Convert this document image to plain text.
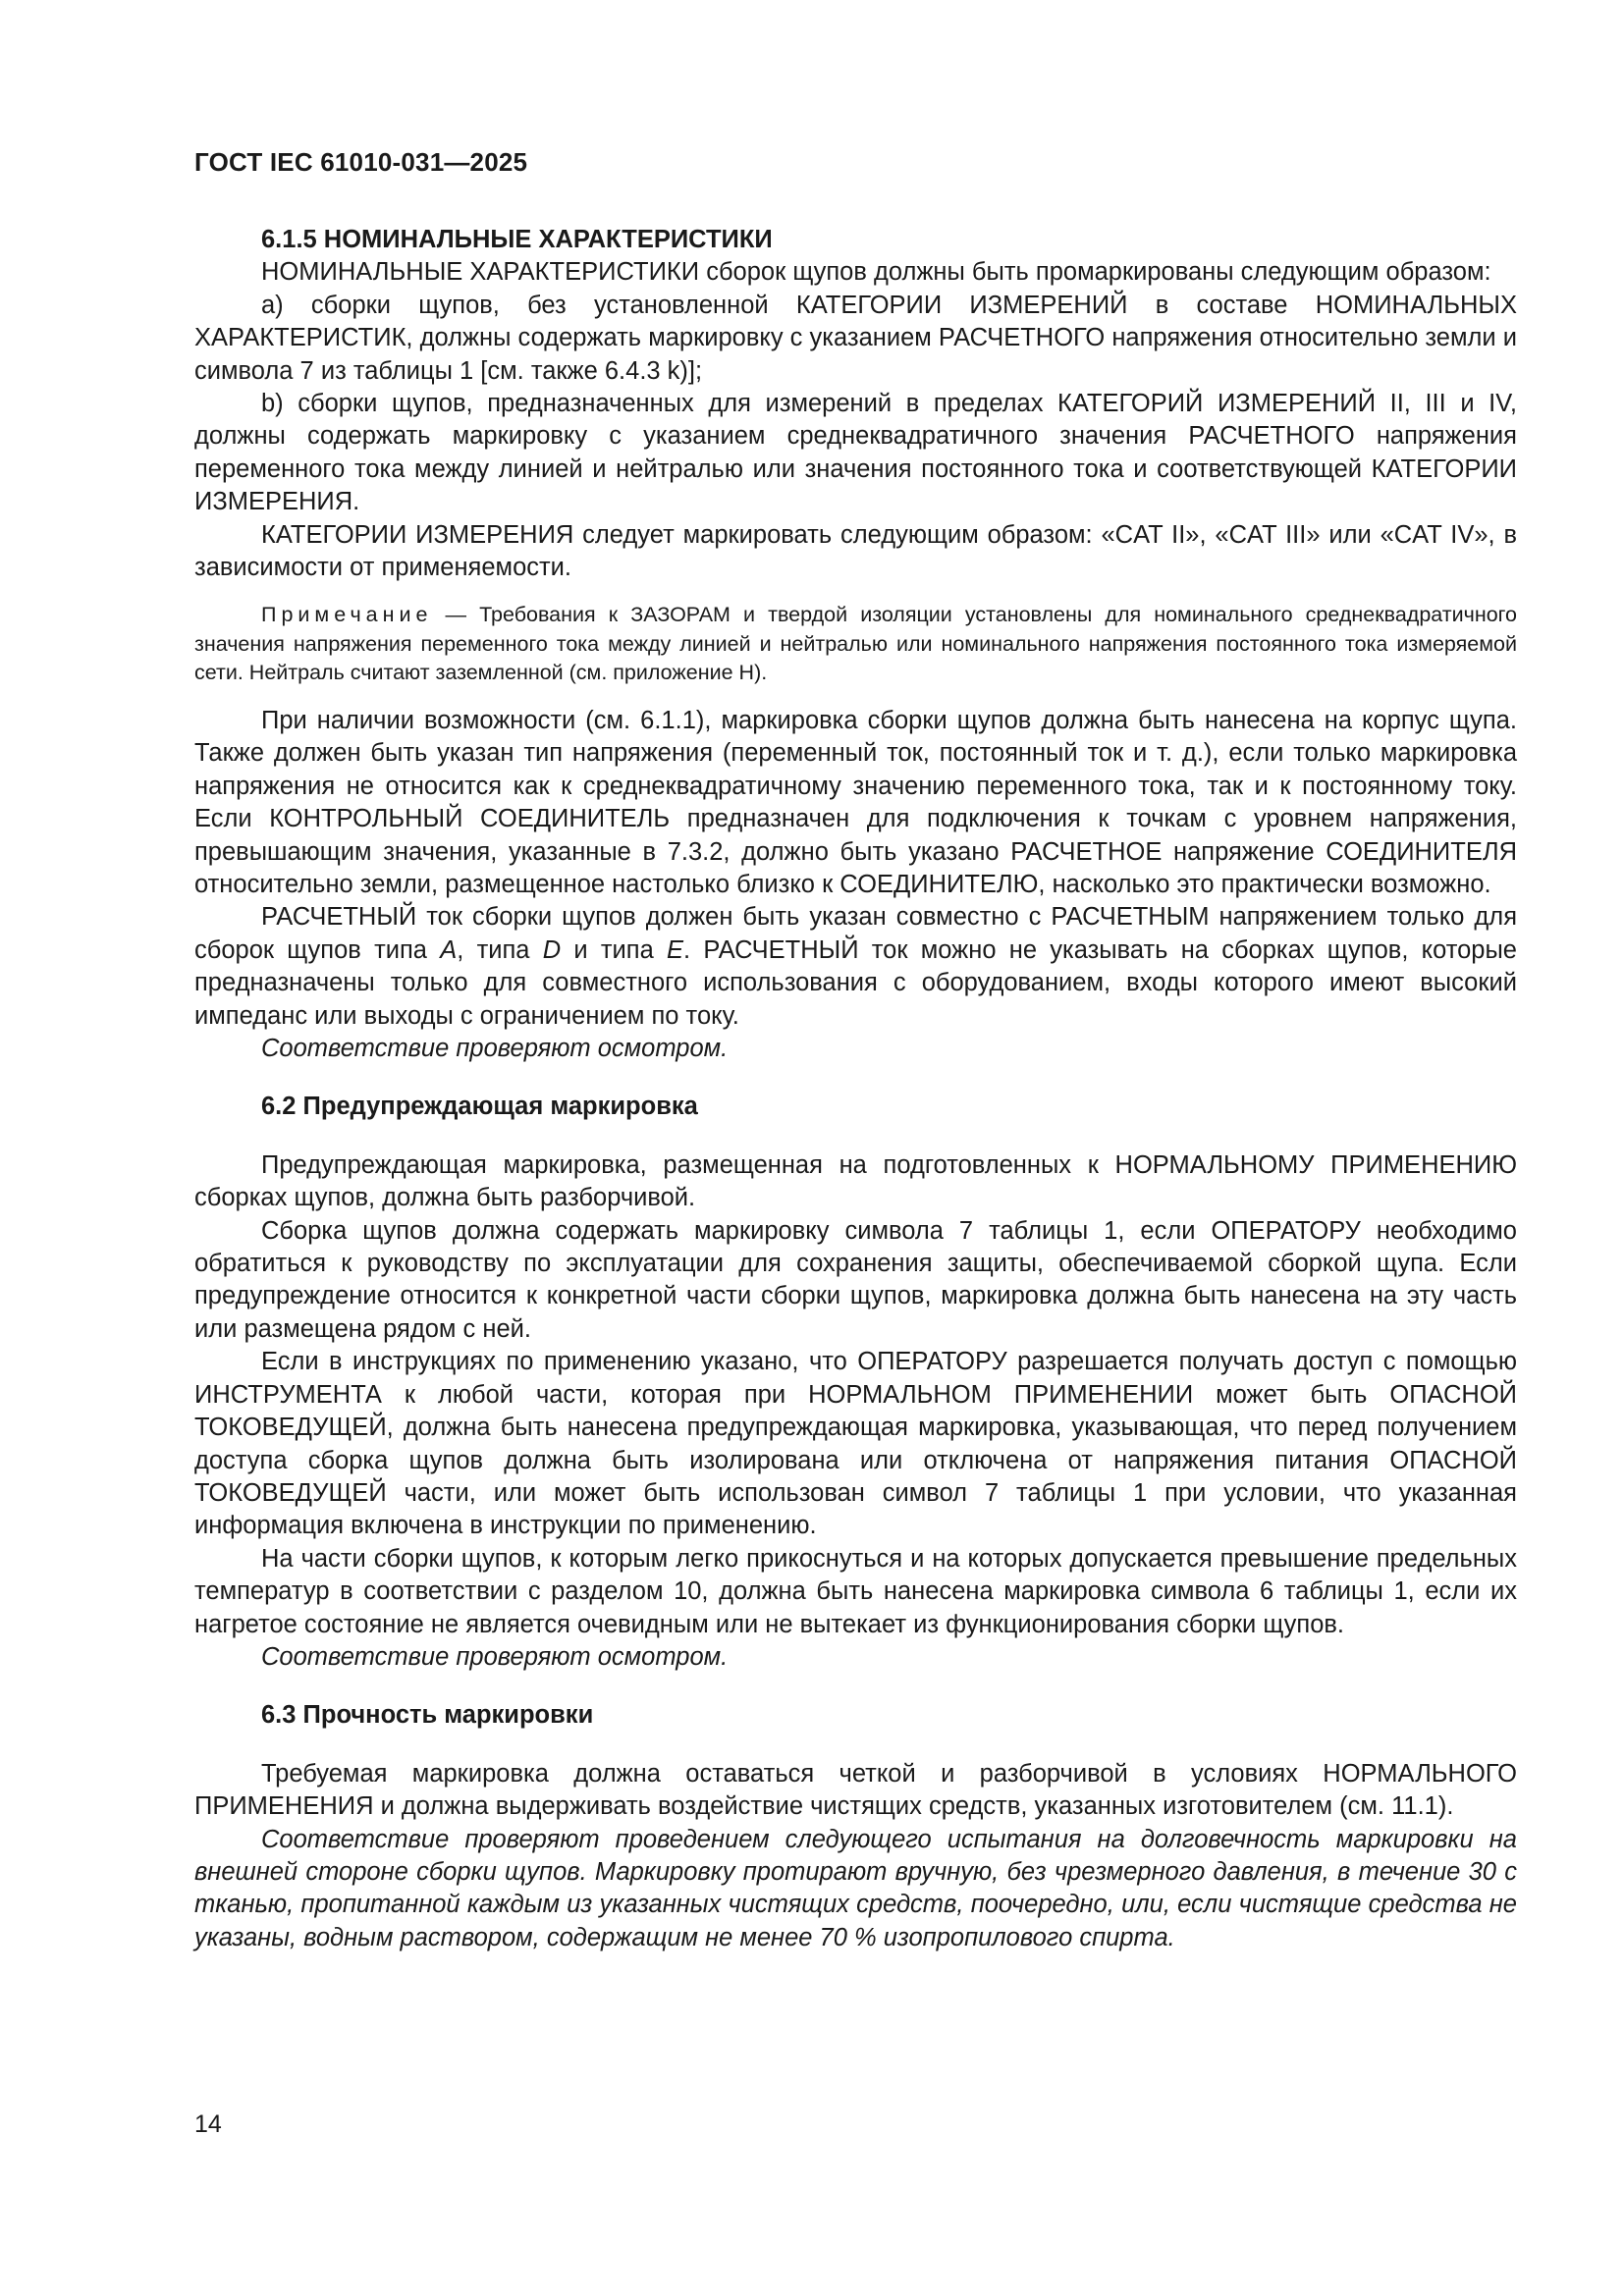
ГОСТ IEC 61010-031—2025

6.1.5 НОМИНАЛЬНЫЕ ХАРАКТЕРИСТИКИ

НОМИНАЛЬНЫЕ ХАРАКТЕРИСТИКИ сборок щупов должны быть промаркированы следующим образом:

a) сборки щупов, без установленной КАТЕГОРИИ ИЗМЕРЕНИЙ в составе НОМИНАЛЬНЫХ ХАРАКТЕРИСТИК, должны содержать маркировку с указанием РАСЧЕТНОГО напряжения относительно земли и символа 7 из таблицы 1 [см. также 6.4.3 k)];

b) сборки щупов, предназначенных для измерений в пределах КАТЕГОРИЙ ИЗМЕРЕНИЙ II, III и IV, должны содержать маркировку с указанием среднеквадратичного значения РАСЧЕТНОГО напряжения переменного тока между линией и нейтралью или значения постоянного тока и соответствующей КАТЕГОРИИ ИЗМЕРЕНИЯ.

КАТЕГОРИИ ИЗМЕРЕНИЯ следует маркировать следующим образом: «CAT II», «CAT III» или «CAT IV», в зависимости от применяемости.

Примечание — Требования к ЗАЗОРАМ и твердой изоляции установлены для номинального среднеквадратичного значения напряжения переменного тока между линией и нейтралью или номинального напряжения постоянного тока измеряемой сети. Нейтраль считают заземленной (см. приложение H).

При наличии возможности (см. 6.1.1), маркировка сборки щупов должна быть нанесена на корпус щупа. Также должен быть указан тип напряжения (переменный ток, постоянный ток и т. д.), если только маркировка напряжения не относится как к среднеквадратичному значению переменного тока, так и к постоянному току. Если КОНТРОЛЬНЫЙ СОЕДИНИТЕЛЬ предназначен для подключения к точкам с уровнем напряжения, превышающим значения, указанные в 7.3.2, должно быть указано РАСЧЕТНОЕ напряжение СОЕДИНИТЕЛЯ относительно земли, размещенное настолько близко к СОЕДИНИТЕЛЮ, насколько это практически возможно.

РАСЧЕТНЫЙ ток сборки щупов должен быть указан совместно с РАСЧЕТНЫМ напряжением только для сборок щупов типа A, типа D и типа E. РАСЧЕТНЫЙ ток можно не указывать на сборках щупов, которые предназначены только для совместного использования с оборудованием, входы которого имеют высокий импеданс или выходы с ограничением по току.

Соответствие проверяют осмотром.

6.2 Предупреждающая маркировка

Предупреждающая маркировка, размещенная на подготовленных к НОРМАЛЬНОМУ ПРИМЕНЕНИЮ сборках щупов, должна быть разборчивой.

Сборка щупов должна содержать маркировку символа 7 таблицы 1, если ОПЕРАТОРУ необходимо обратиться к руководству по эксплуатации для сохранения защиты, обеспечиваемой сборкой щупа. Если предупреждение относится к конкретной части сборки щупов, маркировка должна быть нанесена на эту часть или размещена рядом с ней.

Если в инструкциях по применению указано, что ОПЕРАТОРУ разрешается получать доступ с помощью ИНСТРУМЕНТА к любой части, которая при НОРМАЛЬНОМ ПРИМЕНЕНИИ может быть ОПАСНОЙ ТОКОВЕДУЩЕЙ, должна быть нанесена предупреждающая маркировка, указывающая, что перед получением доступа сборка щупов должна быть изолирована или отключена от напряжения питания ОПАСНОЙ ТОКОВЕДУЩЕЙ части, или может быть использован символ 7 таблицы 1 при условии, что указанная информация включена в инструкции по применению.

На части сборки щупов, к которым легко прикоснуться и на которых допускается превышение предельных температур в соответствии с разделом 10, должна быть нанесена маркировка символа 6 таблицы 1, если их нагретое состояние не является очевидным или не вытекает из функционирования сборки щупов.

Соответствие проверяют осмотром.

6.3 Прочность маркировки

Требуемая маркировка должна оставаться четкой и разборчивой в условиях НОРМАЛЬНОГО ПРИМЕНЕНИЯ и должна выдерживать воздействие чистящих средств, указанных изготовителем (см. 11.1).

Соответствие проверяют проведением следующего испытания на долговечность маркировки на внешней стороне сборки щупов. Маркировку протирают вручную, без чрезмерного давления, в течение 30 с тканью, пропитанной каждым из указанных чистящих средств, поочередно, или, если чистящие средства не указаны, водным раствором, содержащим не менее 70 % изопропилового спирта.

14
